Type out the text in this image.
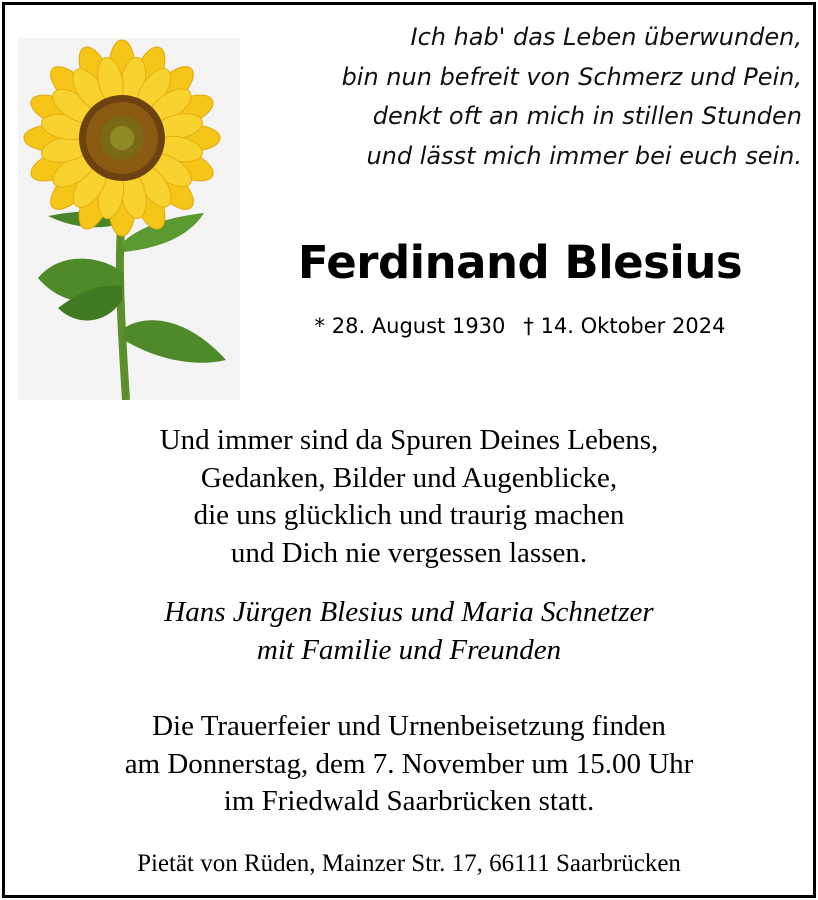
Ich hab' das Leben überwunden,
bin nun befreit von Schmerz und Pein,
denkt oft an mich in stillen Stunden
und lässt mich immer bei euch sein.
Ferdinand Blesius
* 28. August 1930 † 14. Oktober 2024
Und immer sind da Spuren Deines Lebens,
Gedanken, Bilder und Augenblicke,
die uns glücklich und traurig machen
und Dich nie vergessen lassen.
Hans Jürgen Blesius und Maria Schnetzer
mit Familie und Freunden
Die Trauerfeier und Urnenbeisetzung finden
am Donnerstag, dem 7. November um 15.00 Uhr
im Friedwald Saarbrücken statt.
Pietät von Rüden, Mainzer Str. 17, 66111 Saarbrücken
